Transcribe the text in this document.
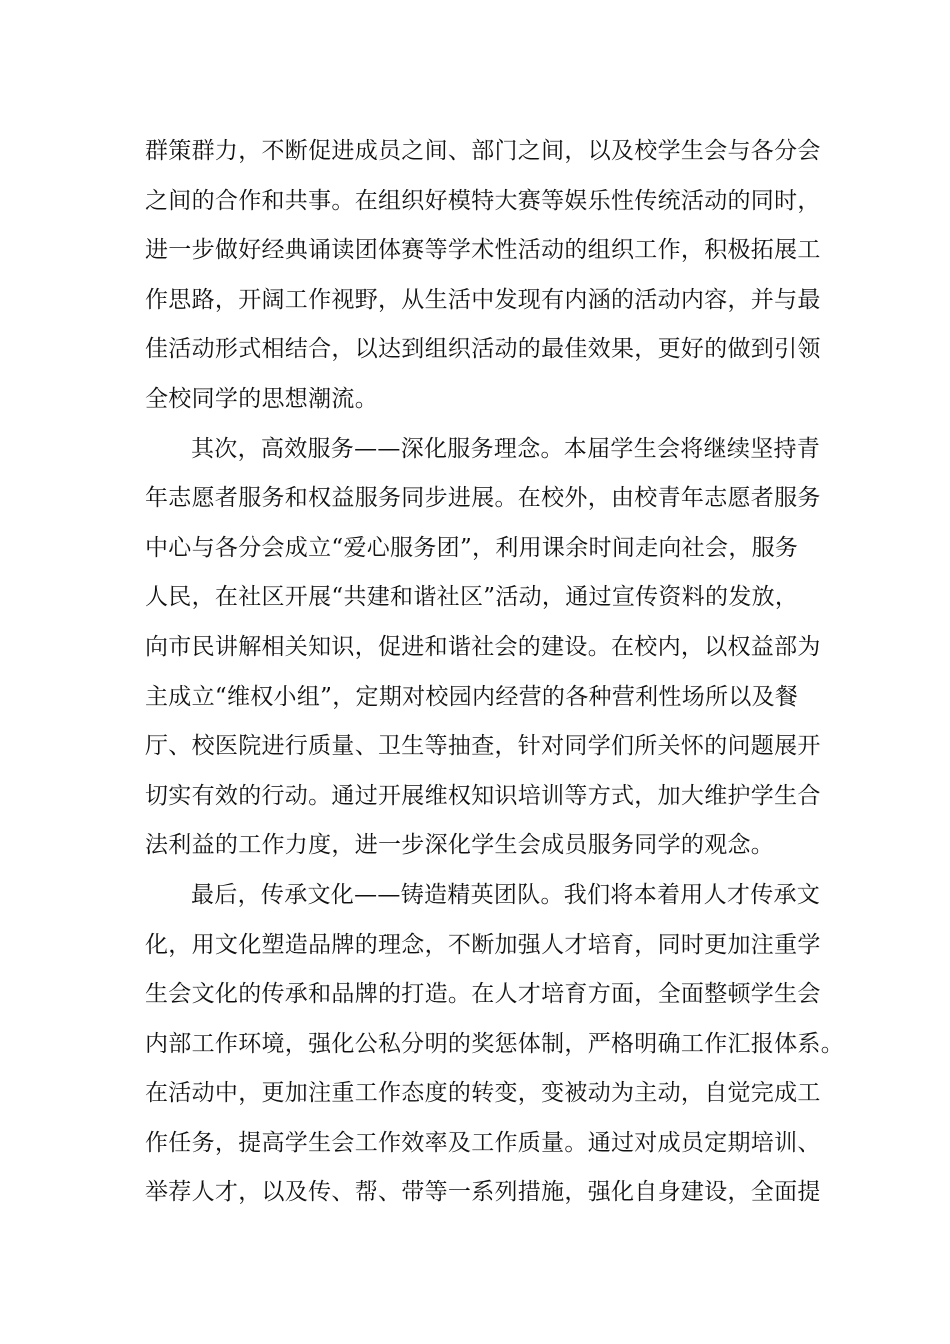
群策群力，不断促进成员之间、部门之间，以及校学生会与各分会
之间的合作和共事。在组织好模特大赛等娱乐性传统活动的同时，
进一步做好经典诵读团体赛等学术性活动的组织工作，积极拓展工
作思路，开阔工作视野，从生活中发现有内涵的活动内容，并与最
佳活动形式相结合，以达到组织活动的最佳效果，更好的做到引领
全校同学的思想潮流。
其次，高效服务——深化服务理念。本届学生会将继续坚持青
年志愿者服务和权益服务同步进展。在校外，由校青年志愿者服务
中心与各分会成立“爱心服务团”，利用课余时间走向社会，服务
人民，在社区开展“共建和谐社区”活动，通过宣传资料的发放，
向市民讲解相关知识，促进和谐社会的建设。在校内，以权益部为
主成立“维权小组”，定期对校园内经营的各种营利性场所以及餐
厅、校医院进行质量、卫生等抽查，针对同学们所关怀的问题展开
切实有效的行动。通过开展维权知识培训等方式，加大维护学生合
法利益的工作力度，进一步深化学生会成员服务同学的观念。
最后，传承文化——铸造精英团队。我们将本着用人才传承文
化，用文化塑造品牌的理念，不断加强人才培育，同时更加注重学
生会文化的传承和品牌的打造。在人才培育方面，全面整顿学生会
内部工作环境，强化公私分明的奖惩体制，严格明确工作汇报体系。
在活动中，更加注重工作态度的转变，变被动为主动，自觉完成工
作任务，提高学生会工作效率及工作质量。通过对成员定期培训、
举荐人才，以及传、帮、带等一系列措施，强化自身建设，全面提
